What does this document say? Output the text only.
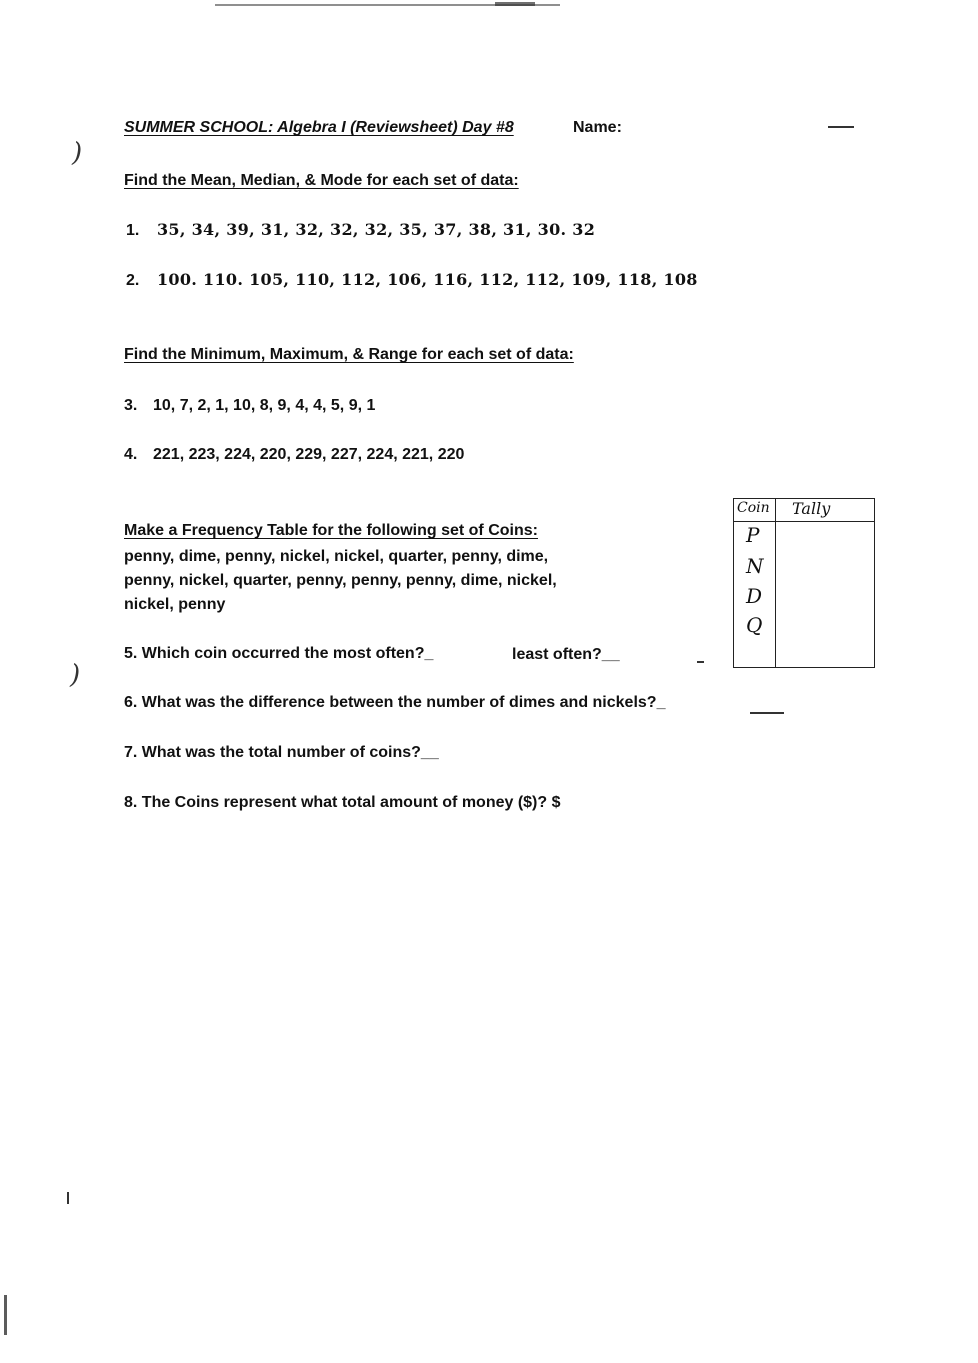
)
)
SUMMER SCHOOL: Algebra I (Reviewsheet) Day #8	Name:
Find the Mean, Median, & Mode for each set of data:
1. 35, 34, 39, 31, 32, 32, 32, 35, 37, 38, 31, 30. 32
2. 100. 110. 105, 110, 112, 106, 116, 112, 112, 109, 118, 108
Find the Minimum, Maximum, & Range for each set of data:
3. 10, 7, 2, 1, 10, 8, 9, 4, 4, 5, 9, 1
4. 221, 223, 224, 220, 229, 227, 224, 221, 220
Make a Frequency Table for the following set of Coins:
penny, dime, penny, nickel, nickel, quarter, penny, dime,
penny, nickel, quarter, penny, penny, penny, dime, nickel,
nickel, penny
5. Which coin occurred the most often?_	least often?__
6. What was the difference between the number of dimes and nickels?_
7. What was the total number of coins?__
8. The Coins represent what total amount of money ($)? $
Coin Tally
P
N
D
Q
